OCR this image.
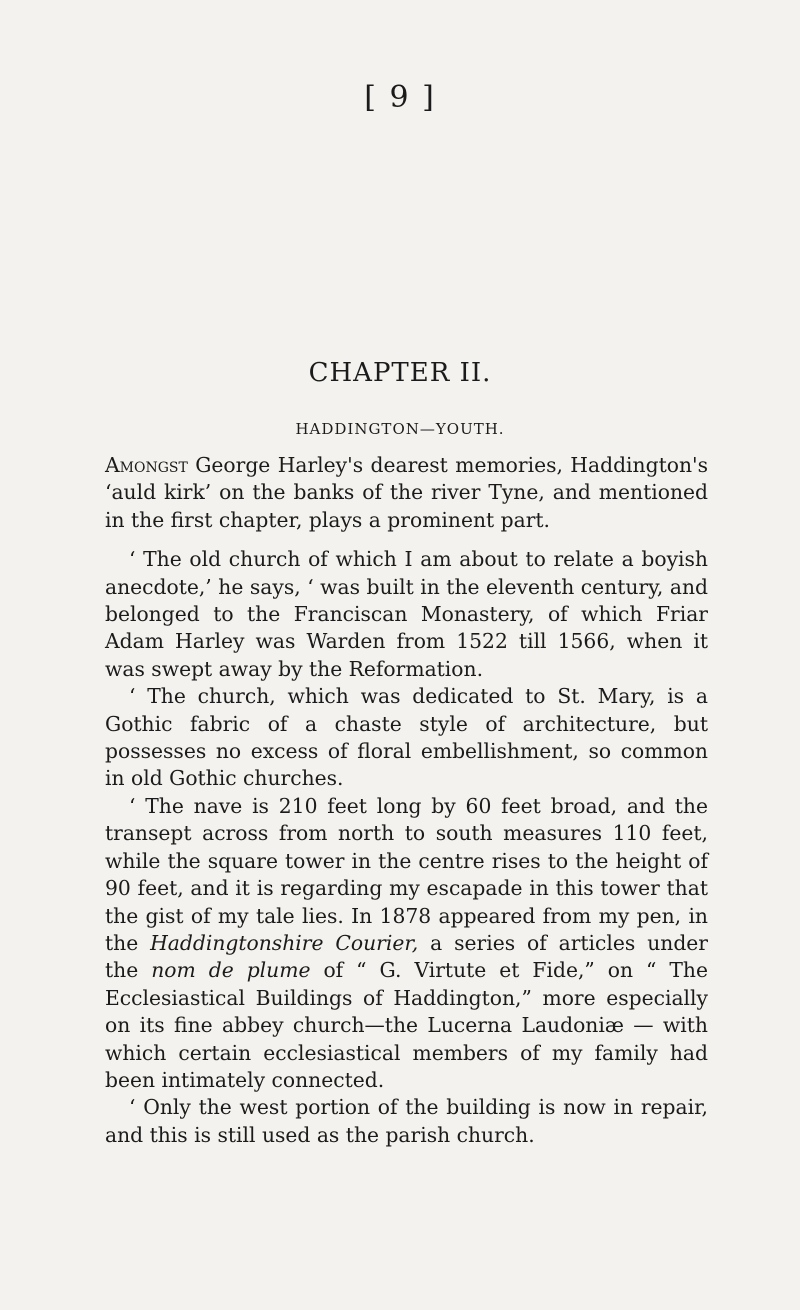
[ 9 ]
CHAPTER II.
HADDINGTON—YOUTH.

Amongst George Harley's dearest memories, Haddington's ‘auld kirk’ on the banks of the river Tyne, and mentioned in the first chapter, plays a prominent part.

‘ The old church of which I am about to relate a boyish anecdote,’ he says, ‘ was built in the eleventh century, and belonged to the Franciscan Monastery, of which Friar Adam Harley was Warden from 1522 till 1566, when it was swept away by the Reformation.

‘ The church, which was dedicated to St. Mary, is a Gothic fabric of a chaste style of architecture, but possesses no excess of floral embellishment, so common in old Gothic churches.

‘ The nave is 210 feet long by 60 feet broad, and the transept across from north to south measures 110 feet, while the square tower in the centre rises to the height of 90 feet, and it is regarding my escapade in this tower that the gist of my tale lies. In 1878 appeared from my pen, in the Haddingtonshire Courier, a series of articles under the nom de plume of “ G. Virtute et Fide,” on “ The Ecclesiastical Buildings of Haddington,” more especially on its fine abbey church—the Lucerna Laudoniæ — with which certain ecclesiastical members of my family had been intimately connected.

‘ Only the west portion of the building is now in repair, and this is still used as the parish church.
